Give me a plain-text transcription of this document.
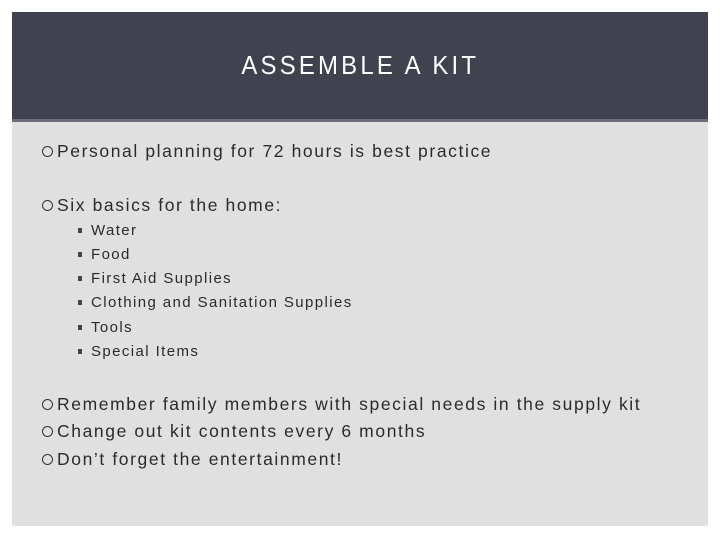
ASSEMBLE A KIT
Personal planning for 72 hours is best practice
Six basics for the home:
Water
Food
First Aid Supplies
Clothing and Sanitation Supplies
Tools
Special Items
Remember family members with special needs in the supply kit
Change out kit contents every 6 months
Don’t forget the entertainment!
